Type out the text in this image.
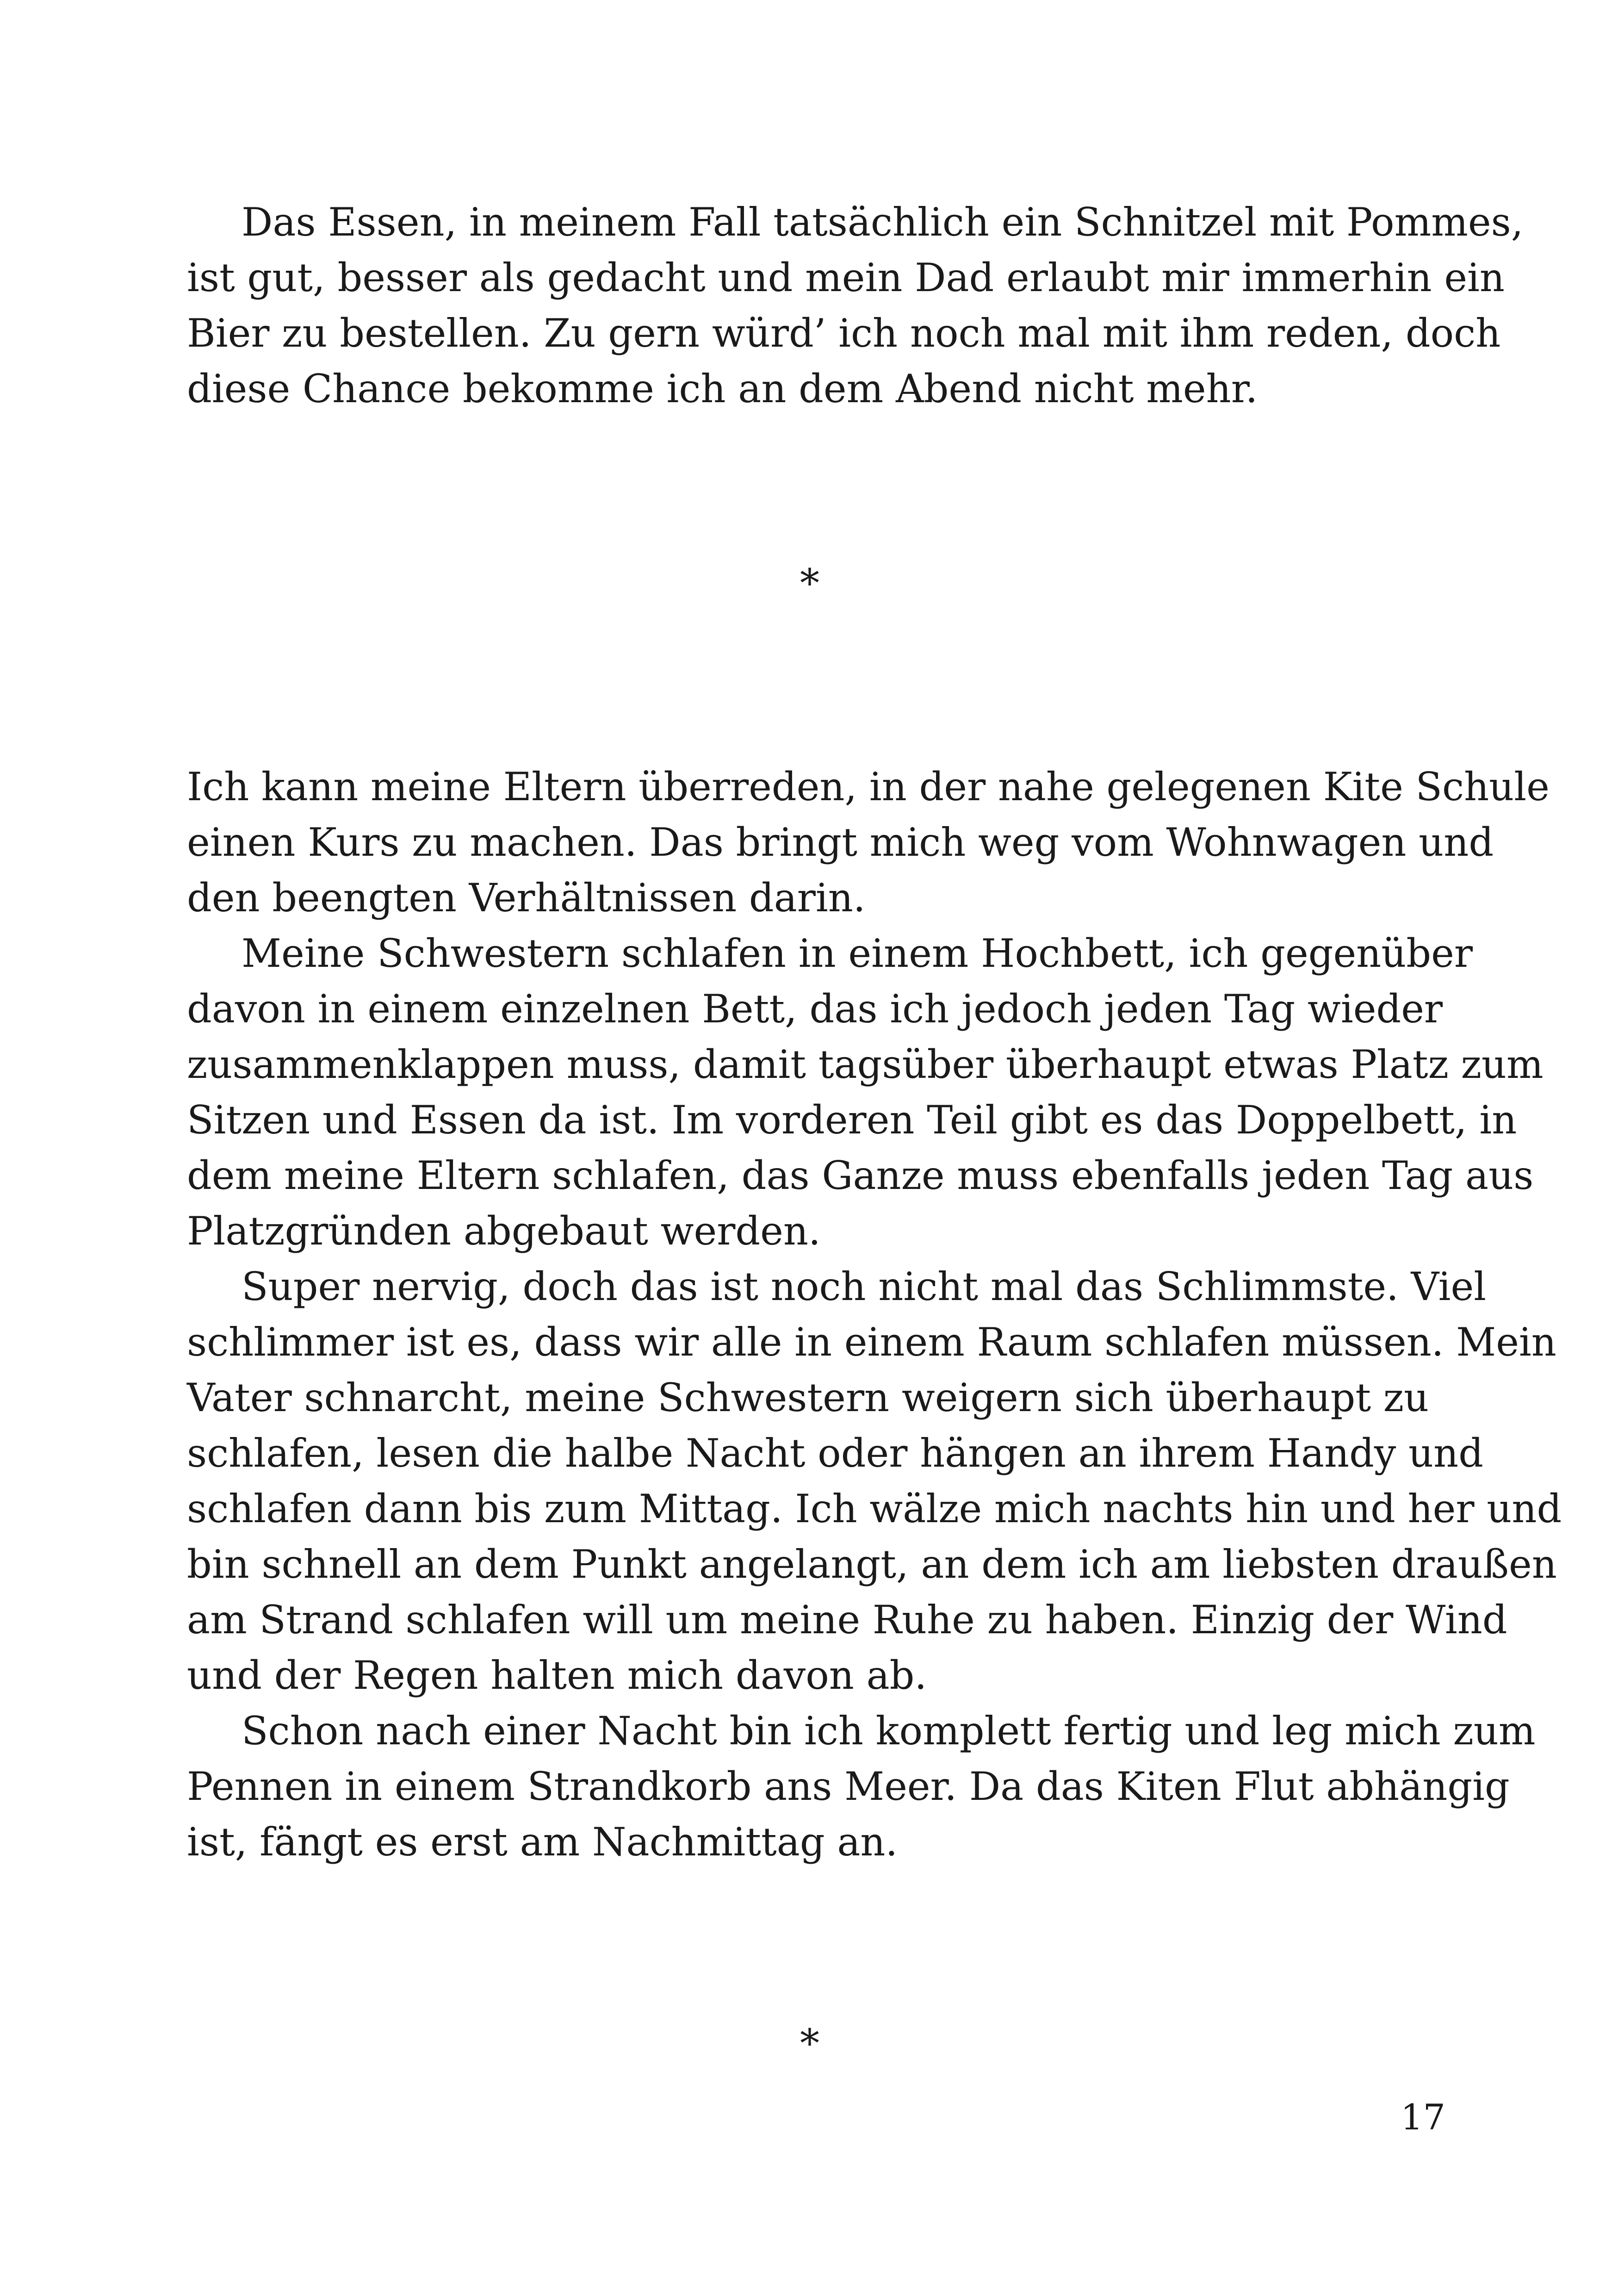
Das Essen, in meinem Fall tatsächlich ein Schnitzel mit Pommes,
ist gut, besser als gedacht und mein Dad erlaubt mir immerhin ein
Bier zu bestellen. Zu gern würd’ ich noch mal mit ihm reden, doch
diese Chance bekomme ich an dem Abend nicht mehr.

*

Ich kann meine Eltern überreden, in der nahe gelegenen Kite Schule
einen Kurs zu machen. Das bringt mich weg vom Wohnwagen und
den beengten Verhältnissen darin.

Meine Schwestern schlafen in einem Hochbett, ich gegenüber
davon in einem einzelnen Bett, das ich jedoch jeden Tag wieder
zusammenklappen muss, damit tagsüber überhaupt etwas Platz zum
Sitzen und Essen da ist. Im vorderen Teil gibt es das Doppelbett, in
dem meine Eltern schlafen, das Ganze muss ebenfalls jeden Tag aus
Platzgründen abgebaut werden.

Super nervig, doch das ist noch nicht mal das Schlimmste. Viel
schlimmer ist es, dass wir alle in einem Raum schlafen müssen. Mein
Vater schnarcht, meine Schwestern weigern sich überhaupt zu
schlafen, lesen die halbe Nacht oder hängen an ihrem Handy und
schlafen dann bis zum Mittag. Ich wälze mich nachts hin und her und
bin schnell an dem Punkt angelangt, an dem ich am liebsten draußen
am Strand schlafen will um meine Ruhe zu haben. Einzig der Wind
und der Regen halten mich davon ab.

Schon nach einer Nacht bin ich komplett fertig und leg mich zum
Pennen in einem Strandkorb ans Meer. Da das Kiten Flut abhängig
ist, fängt es erst am Nachmittag an.

*
17
